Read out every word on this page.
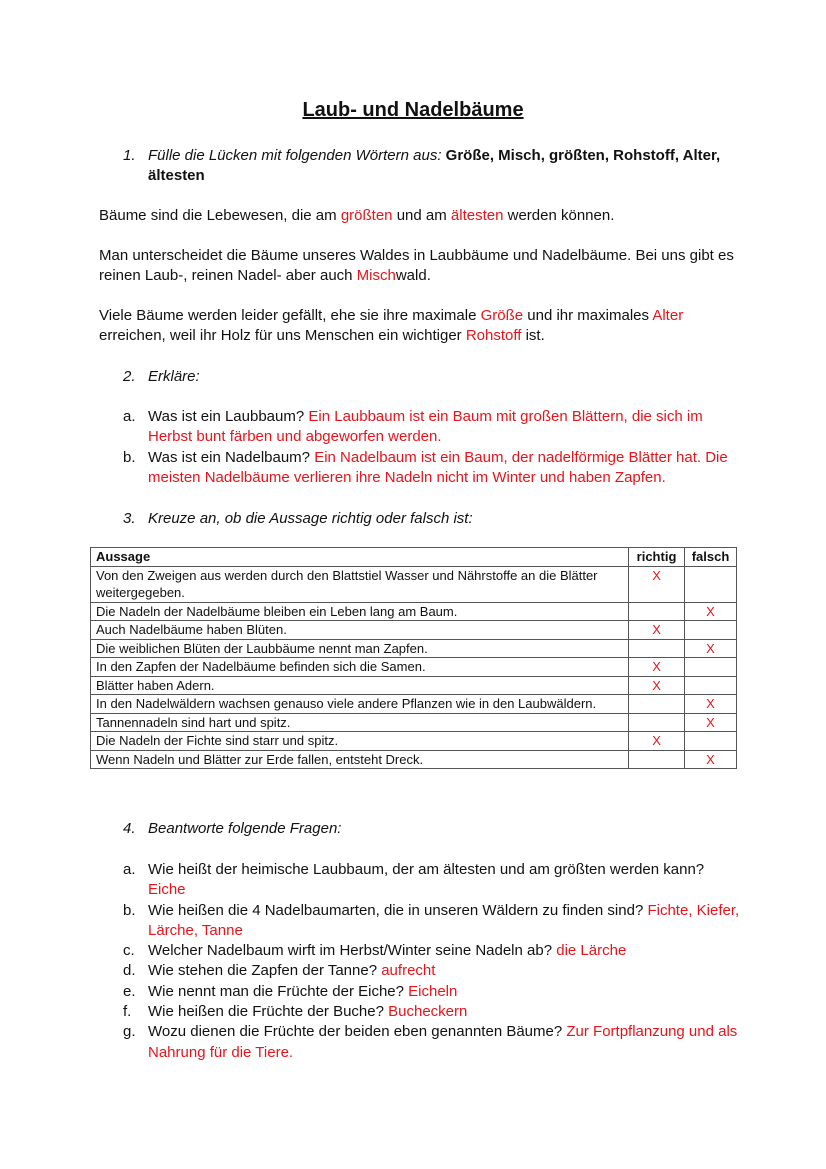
Laub- und Nadelbäume
1. Fülle die Lücken mit folgenden Wörtern aus: Größe, Misch, größten, Rohstoff, Alter,
ältesten

Bäume sind die Lebewesen, die am größten und am ältesten werden können.

Man unterscheidet die Bäume unseres Waldes in Laubbäume und Nadelbäume. Bei uns gibt es reinen Laub-, reinen Nadel- aber auch Mischwald.

Viele Bäume werden leider gefällt, ehe sie ihre maximale Größe und ihr maximales Alter erreichen, weil ihr Holz für uns Menschen ein wichtiger Rohstoff ist.

2. Erkläre:
a. Was ist ein Laubbaum? Ein Laubbaum ist ein Baum mit großen Blättern, die sich im Herbst bunt färben und abgeworfen werden.
b. Was ist ein Nadelbaum? Ein Nadelbaum ist ein Baum, der nadelförmige Blätter hat. Die meisten Nadelbäume verlieren ihre Nadeln nicht im Winter und haben Zapfen.
3. Kreuze an, ob die Aussage richtig oder falsch ist:
Aussage	richtig	falsch
Von den Zweigen aus werden durch den Blattstiel Wasser und Nährstoffe an die Blätter weitergegeben.	X	
Die Nadeln der Nadelbäume bleiben ein Leben lang am Baum.		X
Auch Nadelbäume haben Blüten.	X	
Die weiblichen Blüten der Laubbäume nennt man Zapfen.		X
In den Zapfen der Nadelbäume befinden sich die Samen.	X	
Blätter haben Adern.	X	
In den Nadelwäldern wachsen genauso viele andere Pflanzen wie in den Laubwäldern.		X
Tannennadeln sind hart und spitz.		X
Die Nadeln der Fichte sind starr und spitz.	X	
Wenn Nadeln und Blätter zur Erde fallen, entsteht Dreck.		X
4. Beantworte folgende Fragen:
a. Wie heißt der heimische Laubbaum, der am ältesten und am größten werden kann? Eiche
b. Wie heißen die 4 Nadelbaumarten, die in unseren Wäldern zu finden sind? Fichte, Kiefer, Lärche, Tanne
c. Welcher Nadelbaum wirft im Herbst/Winter seine Nadeln ab? die Lärche
d. Wie stehen die Zapfen der Tanne? aufrecht
e. Wie nennt man die Früchte der Eiche? Eicheln
f. Wie heißen die Früchte der Buche? Bucheckern
g. Wozu dienen die Früchte der beiden eben genannten Bäume? Zur Fortpflanzung und als Nahrung für die Tiere.
